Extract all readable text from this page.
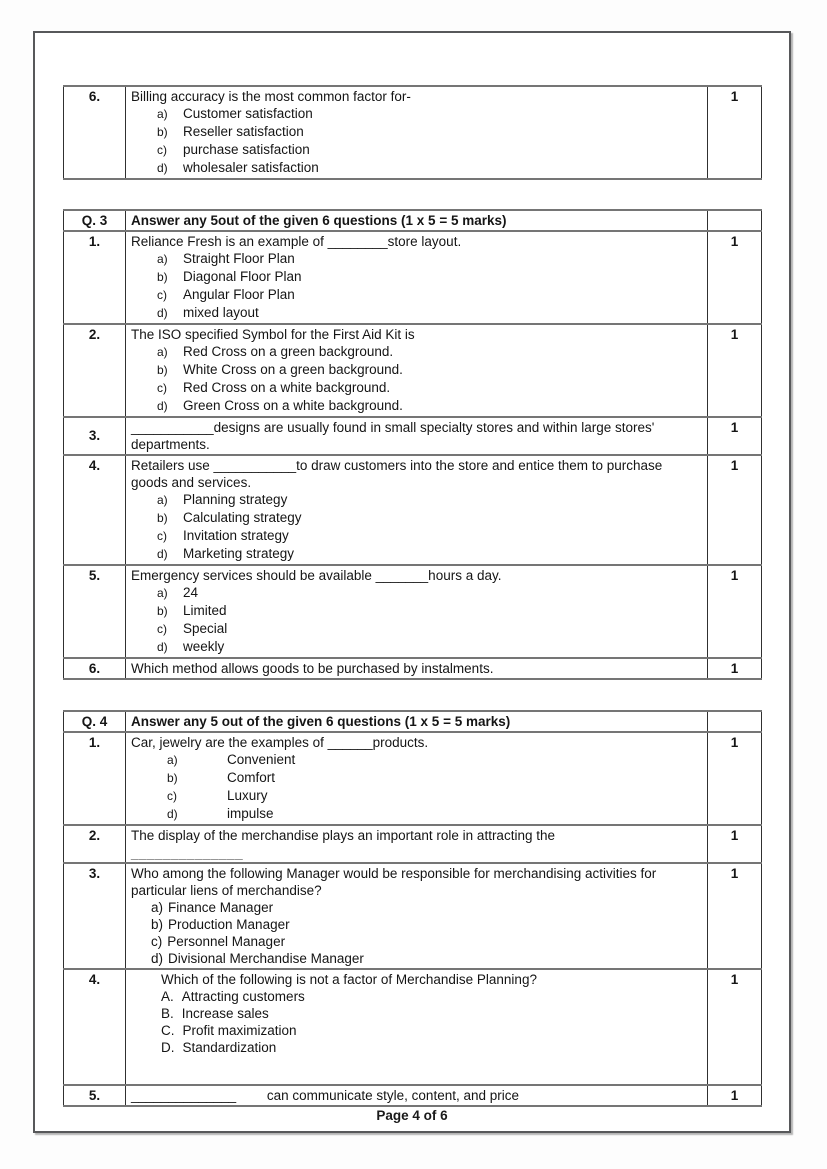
6.	Billing accuracy is the most common factor for-
a) Customer satisfaction
b) Reseller satisfaction
c) purchase satisfaction
d) wholesaler satisfaction
	1
Q. 3	Answer any 5out of the given 6 questions (1 x 5 = 5 marks)	
1.	Reliance Fresh is an example of ________store layout.
a) Straight Floor Plan
b) Diagonal Floor Plan
c) Angular Floor Plan
d) mixed layout	1
2.	The ISO specified Symbol for the First Aid Kit is
a) Red Cross on a green background.
b) White Cross on a green background.
c) Red Cross on a white background.
d) Green Cross on a white background.	1
3.	___________designs are usually found in small specialty stores and within large stores' departments.	1
4.	Retailers use ___________to draw customers into the store and entice them to purchase goods and services.
a) Planning strategy
b) Calculating strategy
c) Invitation strategy
d) Marketing strategy	1
5.	Emergency services should be available _______hours a day.
a) 24
b) Limited
c) Special
d) weekly	1
6.	Which method allows goods to be purchased by instalments.	1
Q. 4	Answer any 5 out of the given 6 questions (1 x 5 = 5 marks)	
1.	Car, jewelry are the examples of ______products.
a) Convenient
b) Comfort
c) Luxury
d) impulse	1
2.	The display of the merchandise plays an important role in attracting the
______________	1
3.	Who among the following Manager would be responsible for merchandising activities for particular liens of merchandise?
a) Finance Manager
b) Production Manager
c) Personnel Manager
d) Divisional Merchandise Manager	1
4.	Which of the following is not a factor of Merchandise Planning?
A. Attracting customers
B. Increase sales
C. Profit maximization
D. Standardization	1
5.	______________   can communicate style, content, and price	1
Page 4 of 6
